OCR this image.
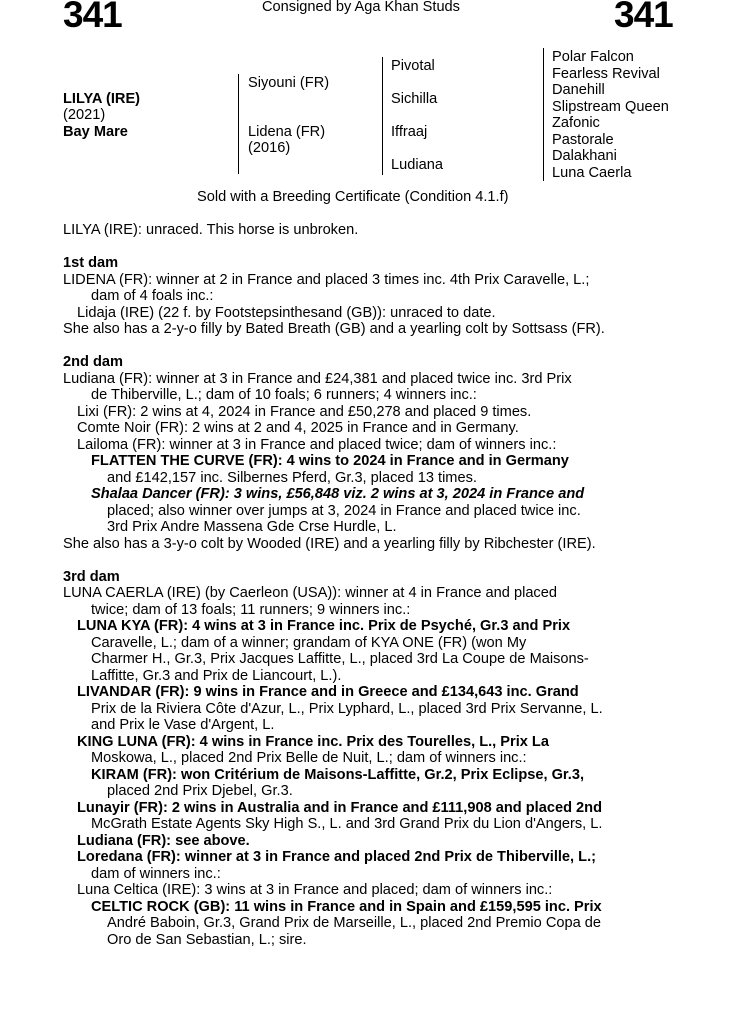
341	Consigned by Aga Khan Studs	341
LILYA (IRE)
(2021)
Bay Mare
Siyouni (FR)
Lidena (FR)
(2016)
Pivotal
Sichilla
Iffraaj
Ludiana
Polar Falcon
Fearless Revival
Danehill
Slipstream Queen
Zafonic
Pastorale
Dalakhani
Luna Caerla
Sold with a Breeding Certificate (Condition 4.1.f)
LILYA (IRE): unraced. This horse is unbroken.
1st dam
LIDENA (FR): winner at 2 in France and placed 3 times inc. 4th Prix Caravelle, L.;
dam of 4 foals inc.:
Lidaja (IRE) (22 f. by Footstepsinthesand (GB)): unraced to date.
She also has a 2-y-o filly by Bated Breath (GB) and a yearling colt by Sottsass (FR).
2nd dam
Ludiana (FR): winner at 3 in France and £24,381 and placed twice inc. 3rd Prix
de Thiberville, L.; dam of 10 foals; 6 runners; 4 winners inc.:
Lixi (FR): 2 wins at 4, 2024 in France and £50,278 and placed 9 times.
Comte Noir (FR): 2 wins at 2 and 4, 2025 in France and in Germany.
Lailoma (FR): winner at 3 in France and placed twice; dam of winners inc.:
FLATTEN THE CURVE (FR): 4 wins to 2024 in France and in Germany
and £142,157 inc. Silbernes Pferd, Gr.3, placed 13 times.
Shalaa Dancer (FR): 3 wins, £56,848 viz. 2 wins at 3, 2024 in France and
placed; also winner over jumps at 3, 2024 in France and placed twice inc.
3rd Prix Andre Massena Gde Crse Hurdle, L.
She also has a 3-y-o colt by Wooded (IRE) and a yearling filly by Ribchester (IRE).
3rd dam
LUNA CAERLA (IRE) (by Caerleon (USA)): winner at 4 in France and placed
twice; dam of 13 foals; 11 runners; 9 winners inc.:
LUNA KYA (FR): 4 wins at 3 in France inc. Prix de Psyché, Gr.3 and Prix
Caravelle, L.; dam of a winner; grandam of KYA ONE (FR) (won My
Charmer H., Gr.3, Prix Jacques Laffitte, L., placed 3rd La Coupe de Maisons-
Laffitte, Gr.3 and Prix de Liancourt, L.).
LIVANDAR (FR): 9 wins in France and in Greece and £134,643 inc. Grand
Prix de la Riviera Côte d'Azur, L., Prix Lyphard, L., placed 3rd Prix Servanne, L.
and Prix le Vase d'Argent, L.
KING LUNA (FR): 4 wins in France inc. Prix des Tourelles, L., Prix La
Moskowa, L., placed 2nd Prix Belle de Nuit, L.; dam of winners inc.:
KIRAM (FR): won Critérium de Maisons-Laffitte, Gr.2, Prix Eclipse, Gr.3,
placed 2nd Prix Djebel, Gr.3.
Lunayir (FR): 2 wins in Australia and in France and £111,908 and placed 2nd
McGrath Estate Agents Sky High S., L. and 3rd Grand Prix du Lion d'Angers, L.
Ludiana (FR): see above.
Loredana (FR): winner at 3 in France and placed 2nd Prix de Thiberville, L.;
dam of winners inc.:
Luna Celtica (IRE): 3 wins at 3 in France and placed; dam of winners inc.:
CELTIC ROCK (GB): 11 wins in France and in Spain and £159,595 inc. Prix
André Baboin, Gr.3, Grand Prix de Marseille, L., placed 2nd Premio Copa de
Oro de San Sebastian, L.; sire.
